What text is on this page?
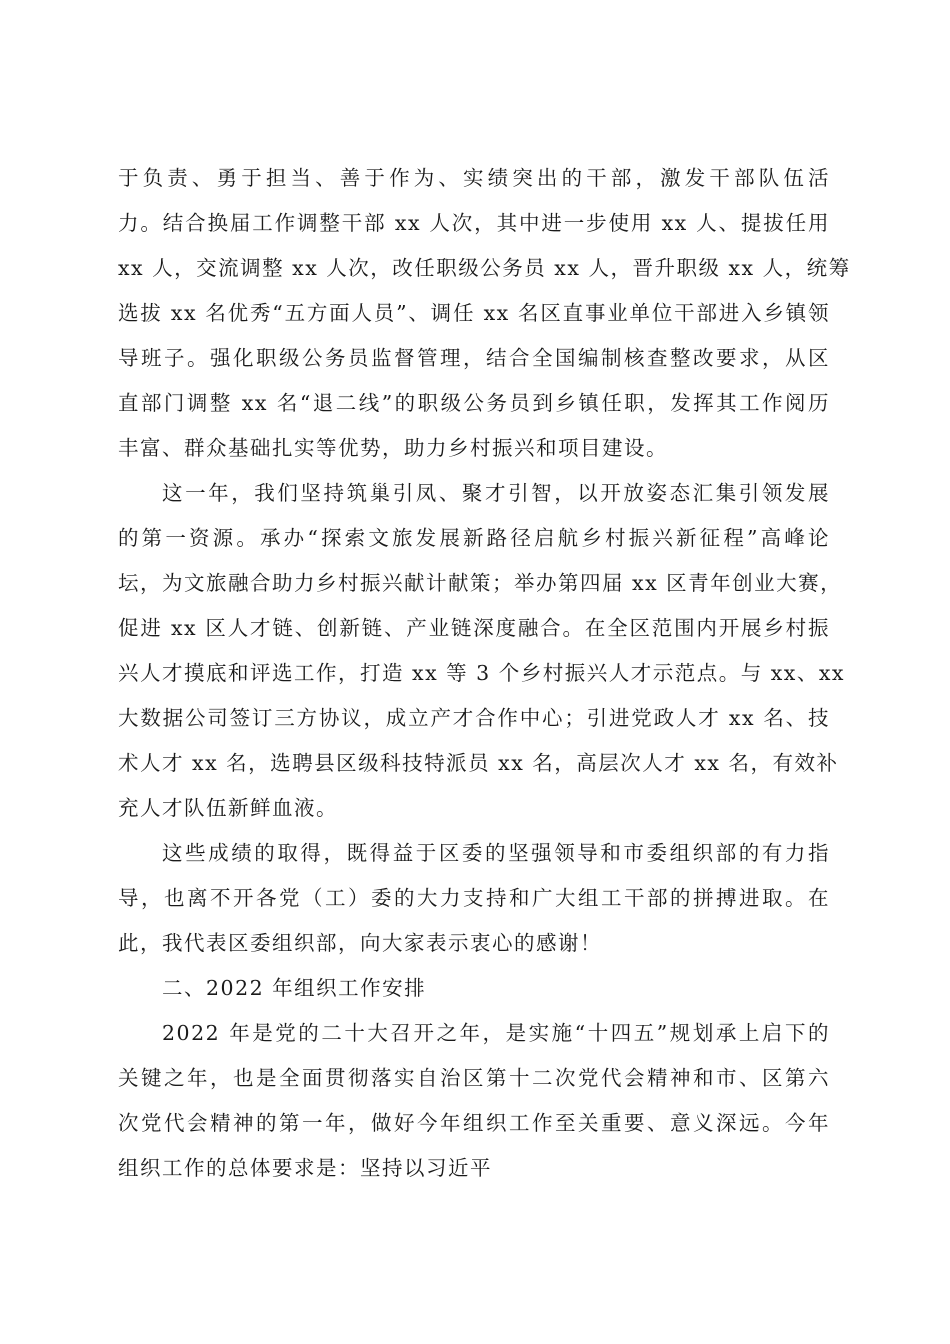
于负责、勇于担当、善于作为、实绩突出的干部，激发干部队伍活
力。结合换届工作调整干部 xx 人次，其中进一步使用 xx 人、提拔任用
xx 人，交流调整 xx 人次，改任职级公务员 xx 人，晋升职级 xx 人，统筹
选拔 xx 名优秀“五方面人员”、调任 xx 名区直事业单位干部进入乡镇领
导班子。强化职级公务员监督管理，结合全国编制核查整改要求，从区
直部门调整 xx 名“退二线”的职级公务员到乡镇任职，发挥其工作阅历
丰富、群众基础扎实等优势，助力乡村振兴和项目建设。
这一年，我们坚持筑巢引凤、聚才引智，以开放姿态汇集引领发展
的第一资源。承办“探索文旅发展新路径启航乡村振兴新征程”高峰论
坛，为文旅融合助力乡村振兴献计献策；举办第四届 xx 区青年创业大赛，
促进 xx 区人才链、创新链、产业链深度融合。在全区范围内开展乡村振
兴人才摸底和评选工作，打造 xx 等 3 个乡村振兴人才示范点。与 xx、xx
大数据公司签订三方协议，成立产才合作中心；引进党政人才 xx 名、技
术人才 xx 名，选聘县区级科技特派员 xx 名，高层次人才 xx 名，有效补
充人才队伍新鲜血液。
这些成绩的取得，既得益于区委的坚强领导和市委组织部的有力指
导，也离不开各党（工）委的大力支持和广大组工干部的拼搏进取。在
此，我代表区委组织部，向大家表示衷心的感谢！
二、2022 年组织工作安排
2022 年是党的二十大召开之年，是实施“十四五”规划承上启下的
关键之年，也是全面贯彻落实自治区第十二次党代会精神和市、区第六
次党代会精神的第一年，做好今年组织工作至关重要、意义深远。今年
组织工作的总体要求是：坚持以习近平
